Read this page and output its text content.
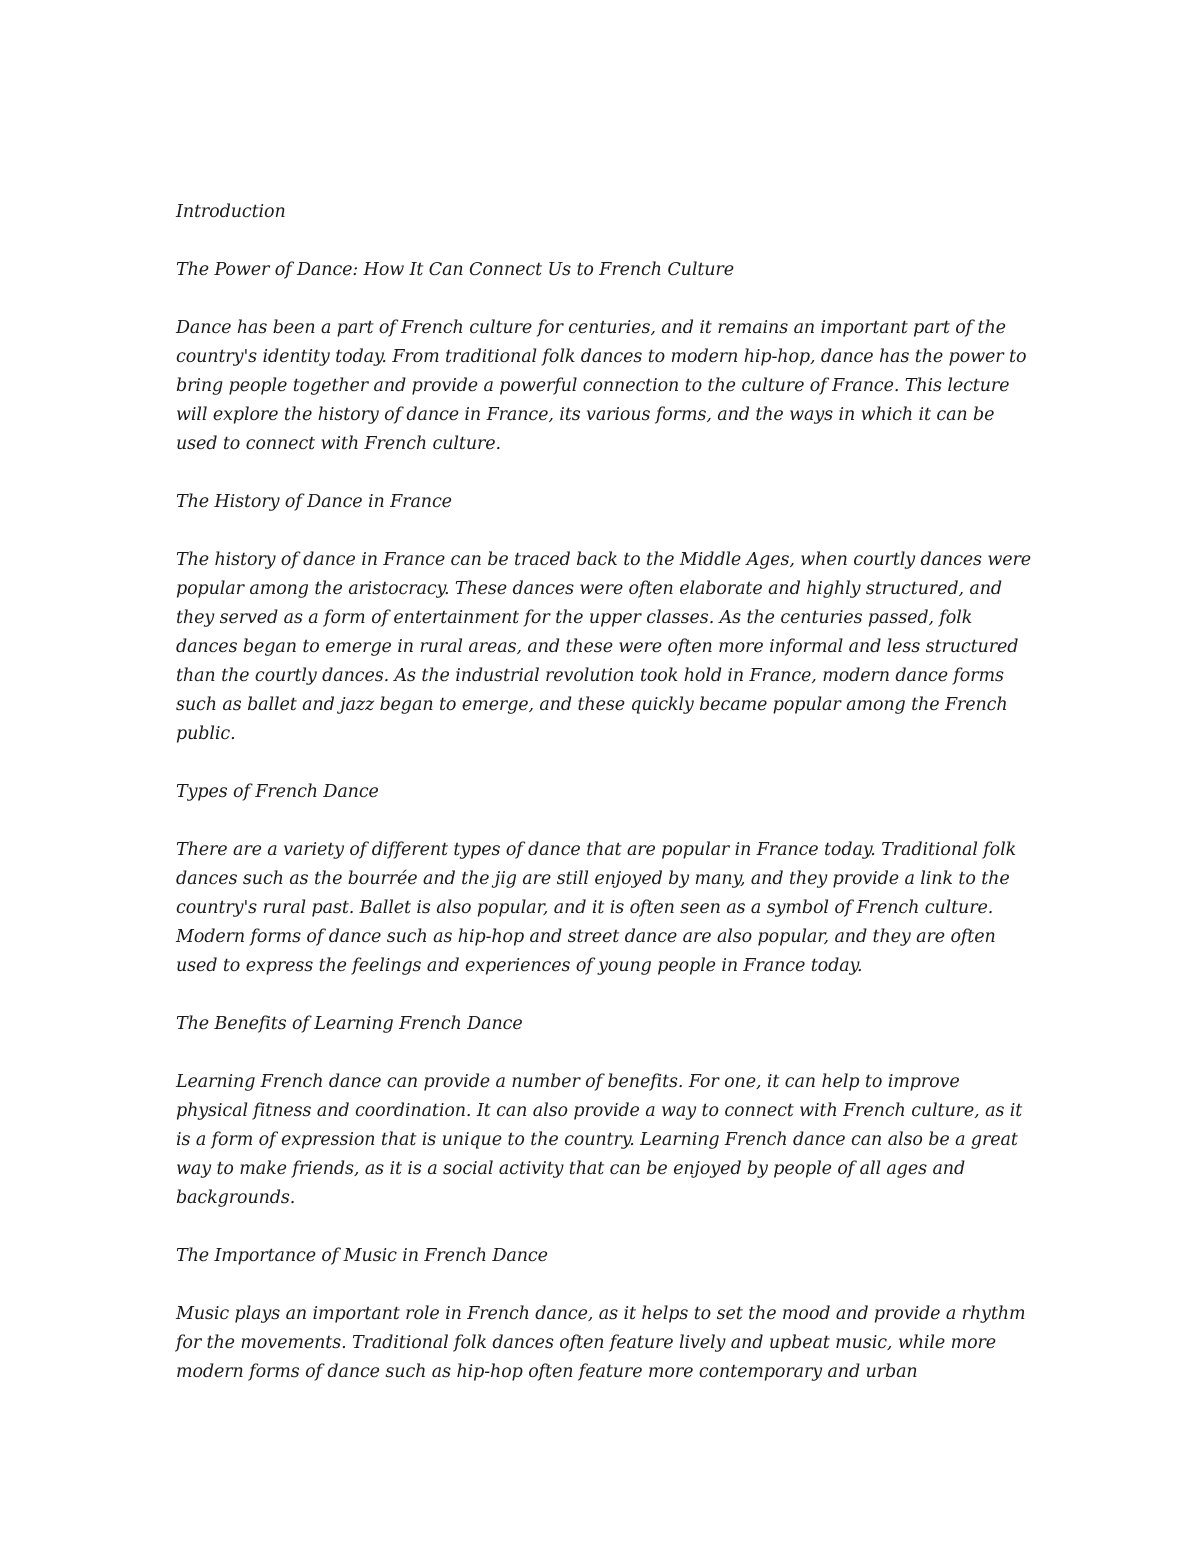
Introduction

The Power of Dance: How It Can Connect Us to French Culture

Dance has been a part of French culture for centuries, and it remains an important part of the country's identity today. From traditional folk dances to modern hip-hop, dance has the power to bring people together and provide a powerful connection to the culture of France. This lecture will explore the history of dance in France, its various forms, and the ways in which it can be used to connect with French culture.

The History of Dance in France

The history of dance in France can be traced back to the Middle Ages, when courtly dances were popular among the aristocracy. These dances were often elaborate and highly structured, and they served as a form of entertainment for the upper classes. As the centuries passed, folk dances began to emerge in rural areas, and these were often more informal and less structured than the courtly dances. As the industrial revolution took hold in France, modern dance forms such as ballet and jazz began to emerge, and these quickly became popular among the French public.

Types of French Dance

There are a variety of different types of dance that are popular in France today. Traditional folk dances such as the bourrée and the jig are still enjoyed by many, and they provide a link to the country's rural past. Ballet is also popular, and it is often seen as a symbol of French culture. Modern forms of dance such as hip-hop and street dance are also popular, and they are often used to express the feelings and experiences of young people in France today.

The Benefits of Learning French Dance

Learning French dance can provide a number of benefits. For one, it can help to improve physical fitness and coordination. It can also provide a way to connect with French culture, as it is a form of expression that is unique to the country. Learning French dance can also be a great way to make friends, as it is a social activity that can be enjoyed by people of all ages and backgrounds.

The Importance of Music in French Dance

Music plays an important role in French dance, as it helps to set the mood and provide a rhythm for the movements. Traditional folk dances often feature lively and upbeat music, while more modern forms of dance such as hip-hop often feature more contemporary and urban
